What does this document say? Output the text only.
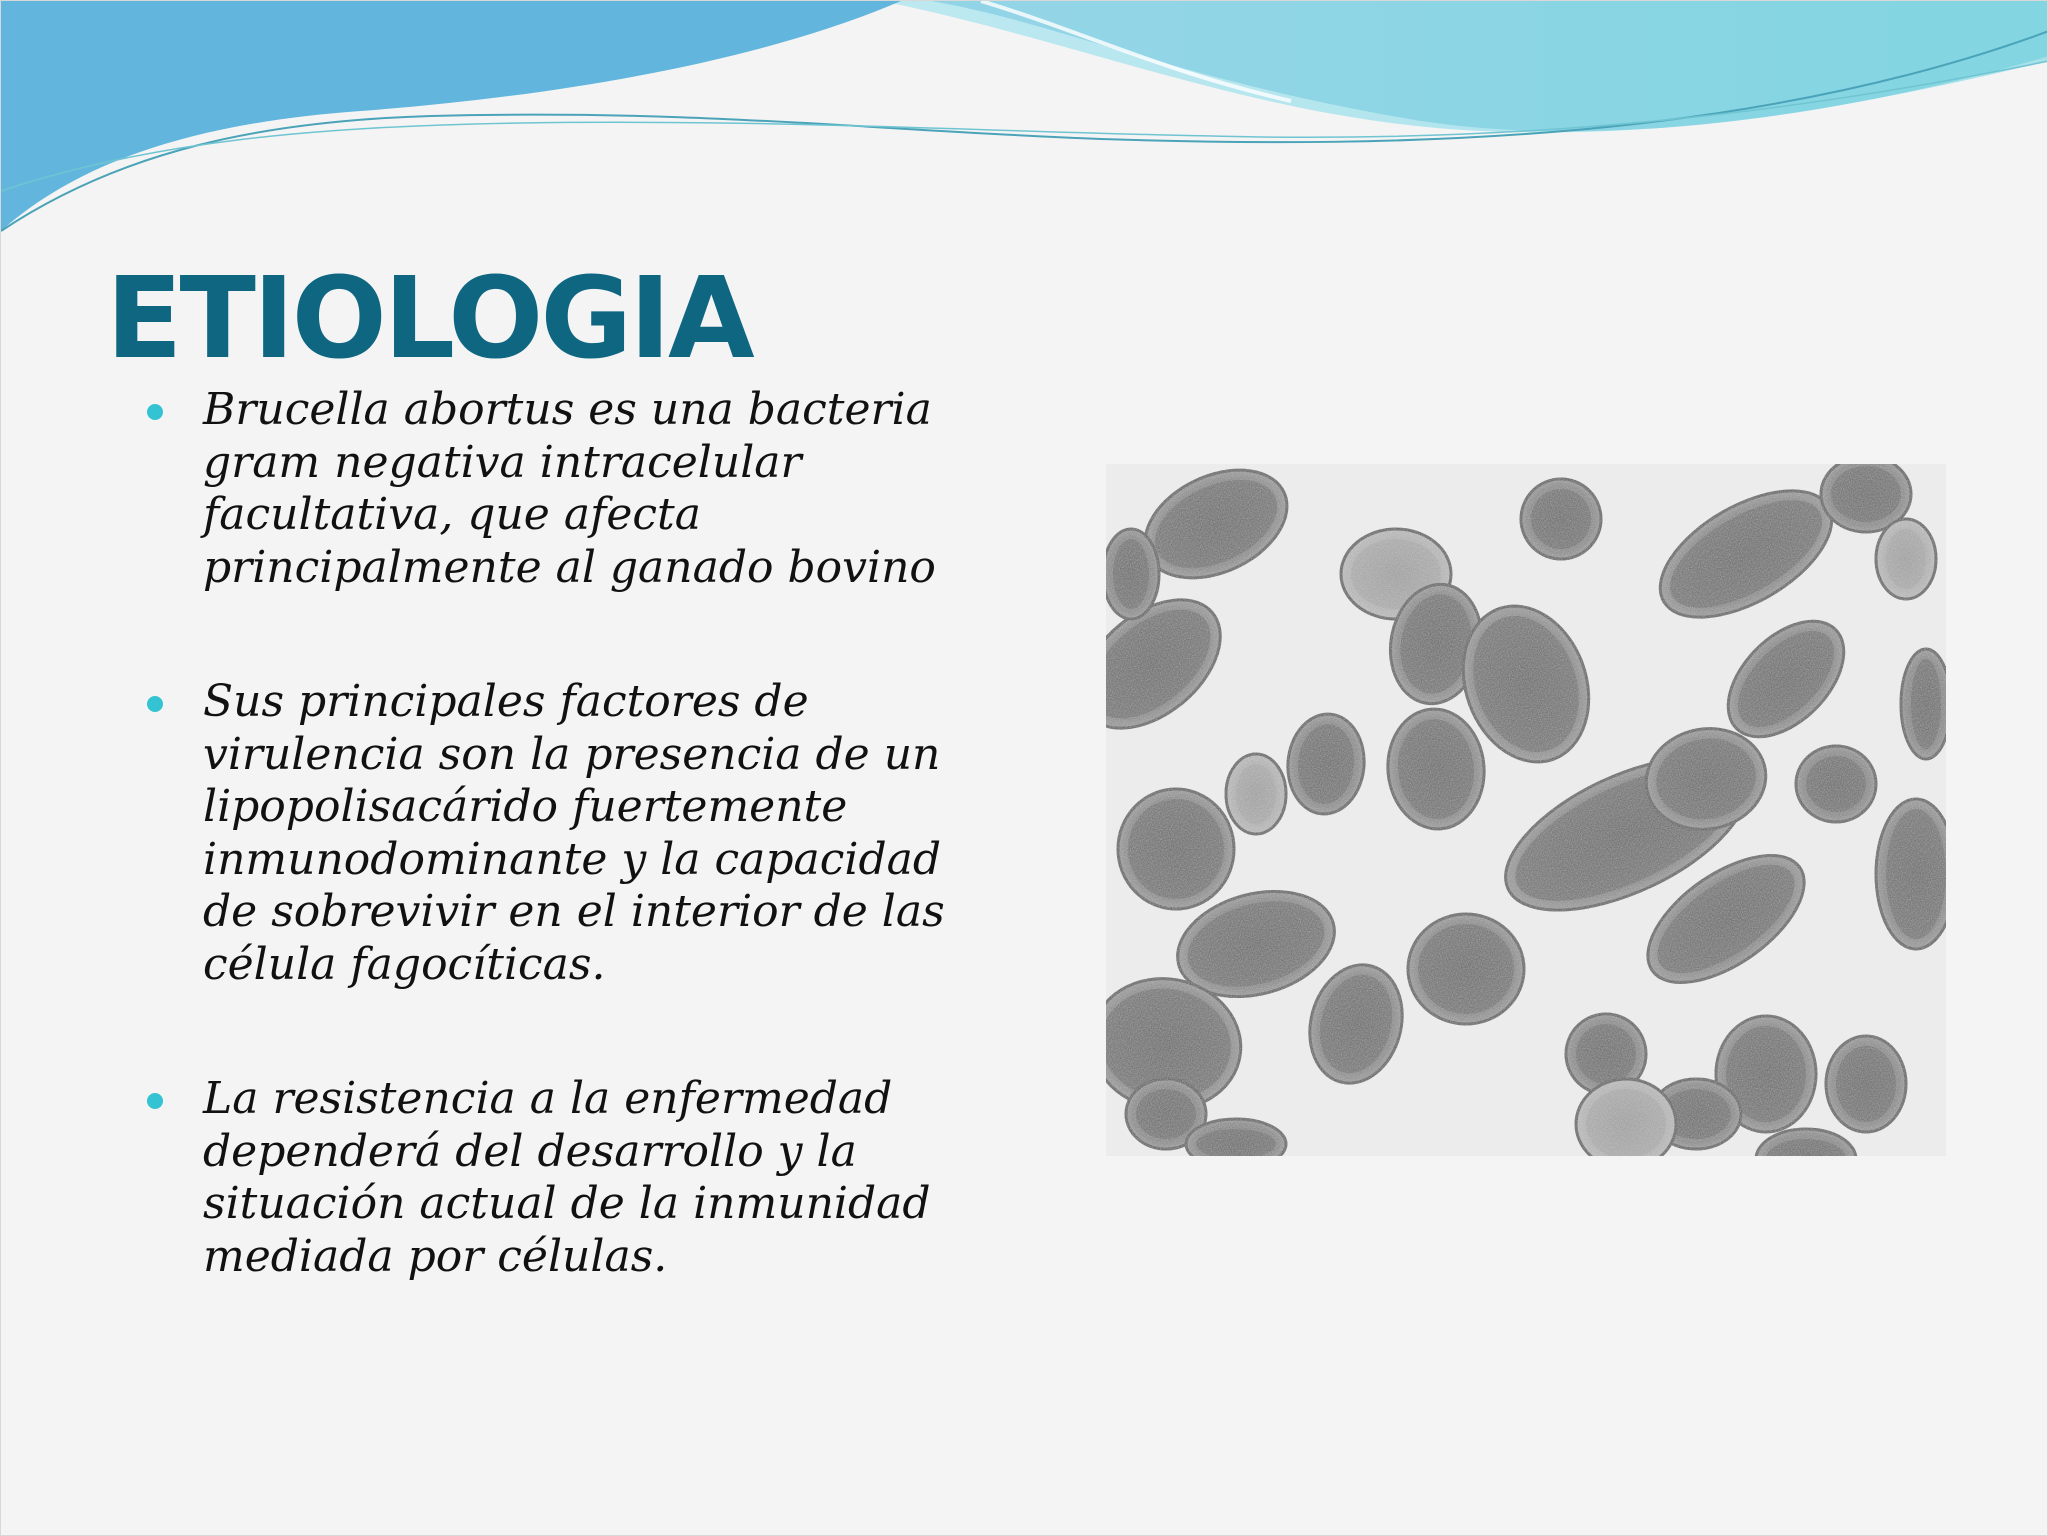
ETIOLOGIA
Brucella abortus es una bacteria gram negativa intracelular facultativa, que afecta principalmente al ganado bovino
Sus principales factores de virulencia son la presencia de un lipopolisacárido fuertemente inmunodominante y la capacidad de sobrevivir en el interior de las célula fagocíticas.
La resistencia a la enfermedad dependerá del desarrollo y la situación actual de la inmunidad mediada por células.
